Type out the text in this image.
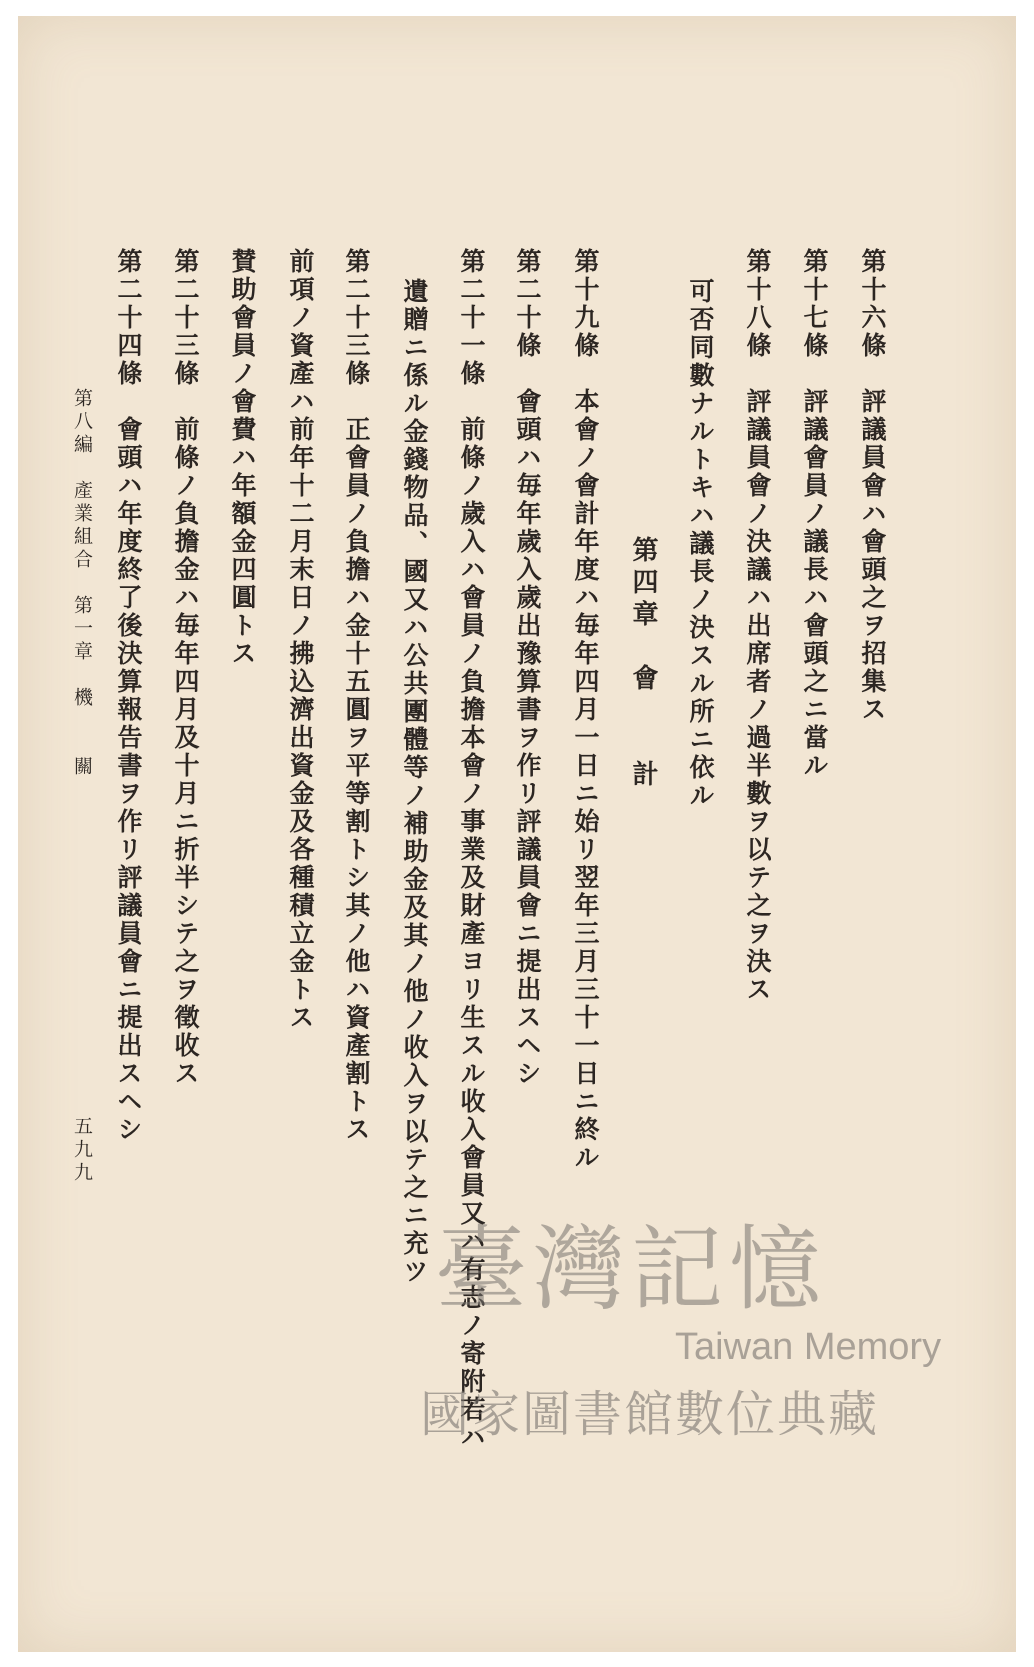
第十六條　評議員會ハ會頭之ヲ招集ス
第十七條　評議會員ノ議長ハ會頭之ニ當ル
第十八條　評議員會ノ決議ハ出席者ノ過半數ヲ以テ之ヲ決ス
可否同數ナルトキハ議長ノ決スル所ニ依ル
第四章　會　　計
第十九條　本會ノ會計年度ハ毎年四月一日ニ始リ翌年三月三十一日ニ終ル
第二十條　會頭ハ毎年歲入歲出豫算書ヲ作リ評議員會ニ提出スヘシ
第二十一條　前條ノ歲入ハ會員ノ負擔本會ノ事業及財產ヨリ生スル收入會員又ハ有志ノ寄附若ハ
遺贈ニ係ル金錢物品、國又ハ公共團體等ノ補助金及其ノ他ノ收入ヲ以テ之ニ充ツ
第二十三條　正會員ノ負擔ハ金十五圓ヲ平等割トシ其ノ他ハ資產割トス
前項ノ資產ハ前年十二月末日ノ拂込濟出資金及各種積立金トス
賛助會員ノ會費ハ年額金四圓トス
第二十三條　前條ノ負擔金ハ毎年四月及十月ニ折半シテ之ヲ徵收ス
第二十四條　會頭ハ年度終了後決算報告書ヲ作リ評議員會ニ提出スヘシ
第八編　產業組合　第一章　機　　關
五九九
臺灣記憶
Taiwan Memory
國家圖書館數位典藏
